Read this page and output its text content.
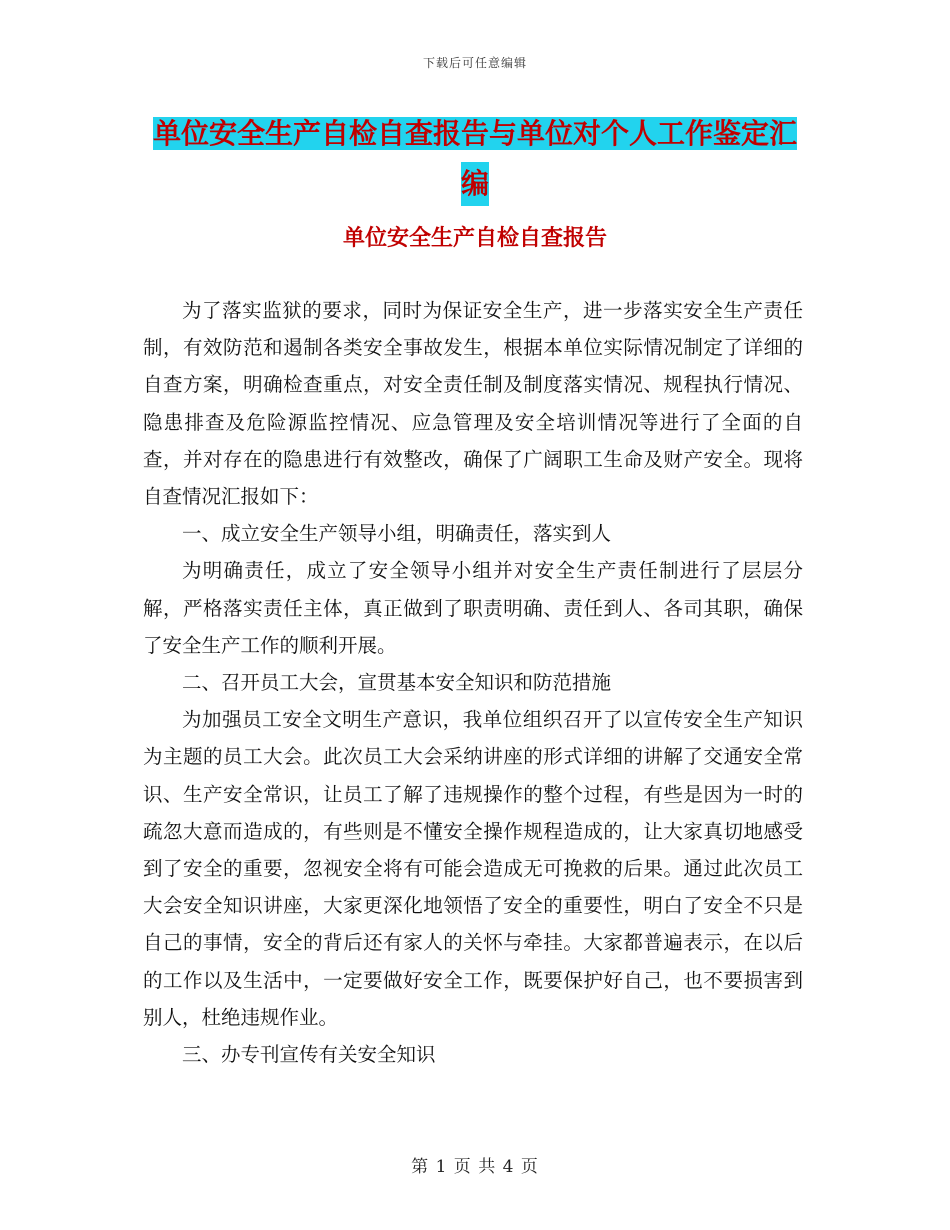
下载后可任意编辑
单位安全生产自检自查报告与单位对个人工作鉴定汇
编
单位安全生产自检自查报告

为了落实监狱的要求，同时为保证安全生产，进一步落实安全生产责任制，有效防范和遏制各类安全事故发生，根据本单位实际情况制定了详细的自查方案，明确检查重点，对安全责任制及制度落实情况、规程执行情况、隐患排查及危险源监控情况、应急管理及安全培训情况等进行了全面的自查，并对存在的隐患进行有效整改，确保了广阔职工生命及财产安全。现将自查情况汇报如下：

一、成立安全生产领导小组，明确责任，落实到人

为明确责任，成立了安全领导小组并对安全生产责任制进行了层层分解，严格落实责任主体，真正做到了职责明确、责任到人、各司其职，确保了安全生产工作的顺利开展。

二、召开员工大会，宣贯基本安全知识和防范措施

为加强员工安全文明生产意识，我单位组织召开了以宣传安全生产知识为主题的员工大会。此次员工大会采纳讲座的形式详细的讲解了交通安全常识、生产安全常识，让员工了解了违规操作的整个过程，有些是因为一时的疏忽大意而造成的，有些则是不懂安全操作规程造成的，让大家真切地感受到了安全的重要，忽视安全将有可能会造成无可挽救的后果。通过此次员工大会安全知识讲座，大家更深化地领悟了安全的重要性，明白了安全不只是自己的事情，安全的背后还有家人的关怀与牵挂。大家都普遍表示，在以后的工作以及生活中，一定要做好安全工作，既要保护好自己，也不要损害到别人，杜绝违规作业。

三、办专刊宣传有关安全知识

第 1 页 共 4 页
